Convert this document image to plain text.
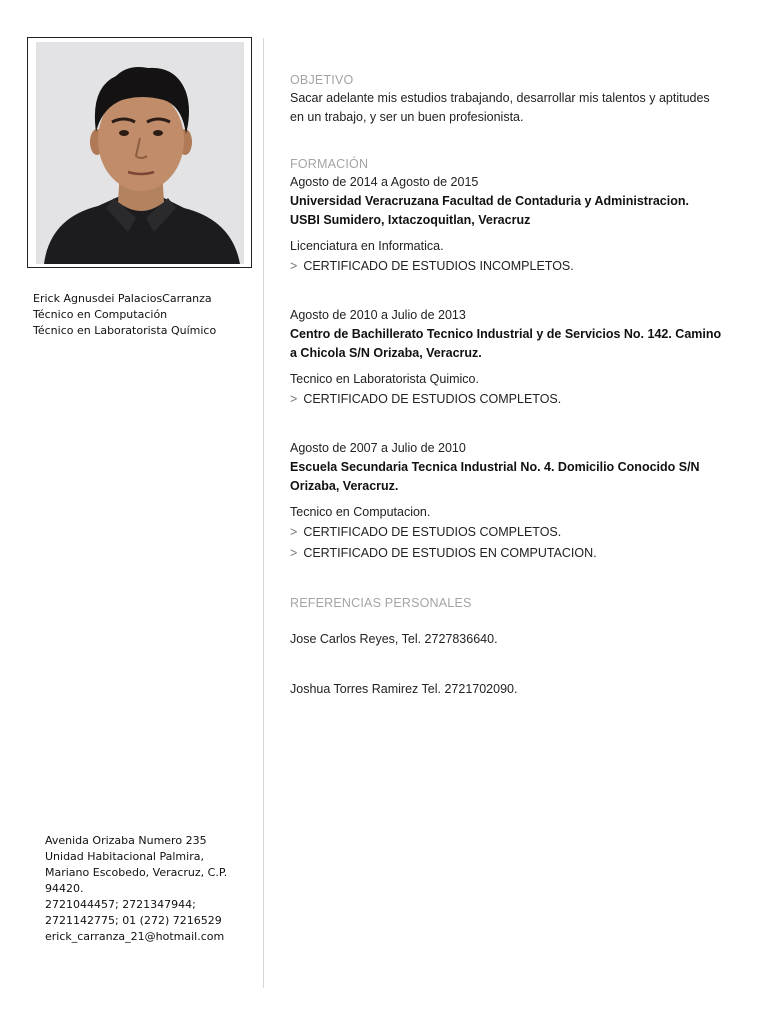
Erick Agnusdei PalaciosCarranza
Técnico en Computación
Técnico en Laboratorista Químico
Avenida Orizaba Numero 235
Unidad Habitacional Palmira,
Mariano Escobedo, Veracruz, C.P.
94420.
2721044457; 2721347944;
2721142775; 01 (272) 7216529
erick_carranza_21@hotmail.com
OBJETIVO
Sacar adelante mis estudios trabajando, desarrollar mis talentos y aptitudes
en un trabajo, y ser un buen profesionista.
FORMACIÓN
Agosto de 2014 a Agosto de 2015
Universidad Veracruzana Facultad de Contaduria y Administracion.
USBI Sumidero, Ixtaczoquitlan, Veracruz
Licenciatura en Informatica.
> CERTIFICADO DE ESTUDIOS INCOMPLETOS.
Agosto de 2010 a Julio de 2013
Centro de Bachillerato Tecnico Industrial y de Servicios No. 142. Camino
a Chicola S/N Orizaba, Veracruz.
Tecnico en Laboratorista Quimico.
> CERTIFICADO DE ESTUDIOS COMPLETOS.
Agosto de 2007 a Julio de 2010
Escuela Secundaria Tecnica Industrial No. 4. Domicilio Conocido S/N
Orizaba, Veracruz.
Tecnico en Computacion.
> CERTIFICADO DE ESTUDIOS COMPLETOS.
> CERTIFICADO DE ESTUDIOS EN COMPUTACION.
REFERENCIAS PERSONALES
Jose Carlos Reyes, Tel. 2727836640.
Joshua Torres Ramirez Tel. 2721702090.
